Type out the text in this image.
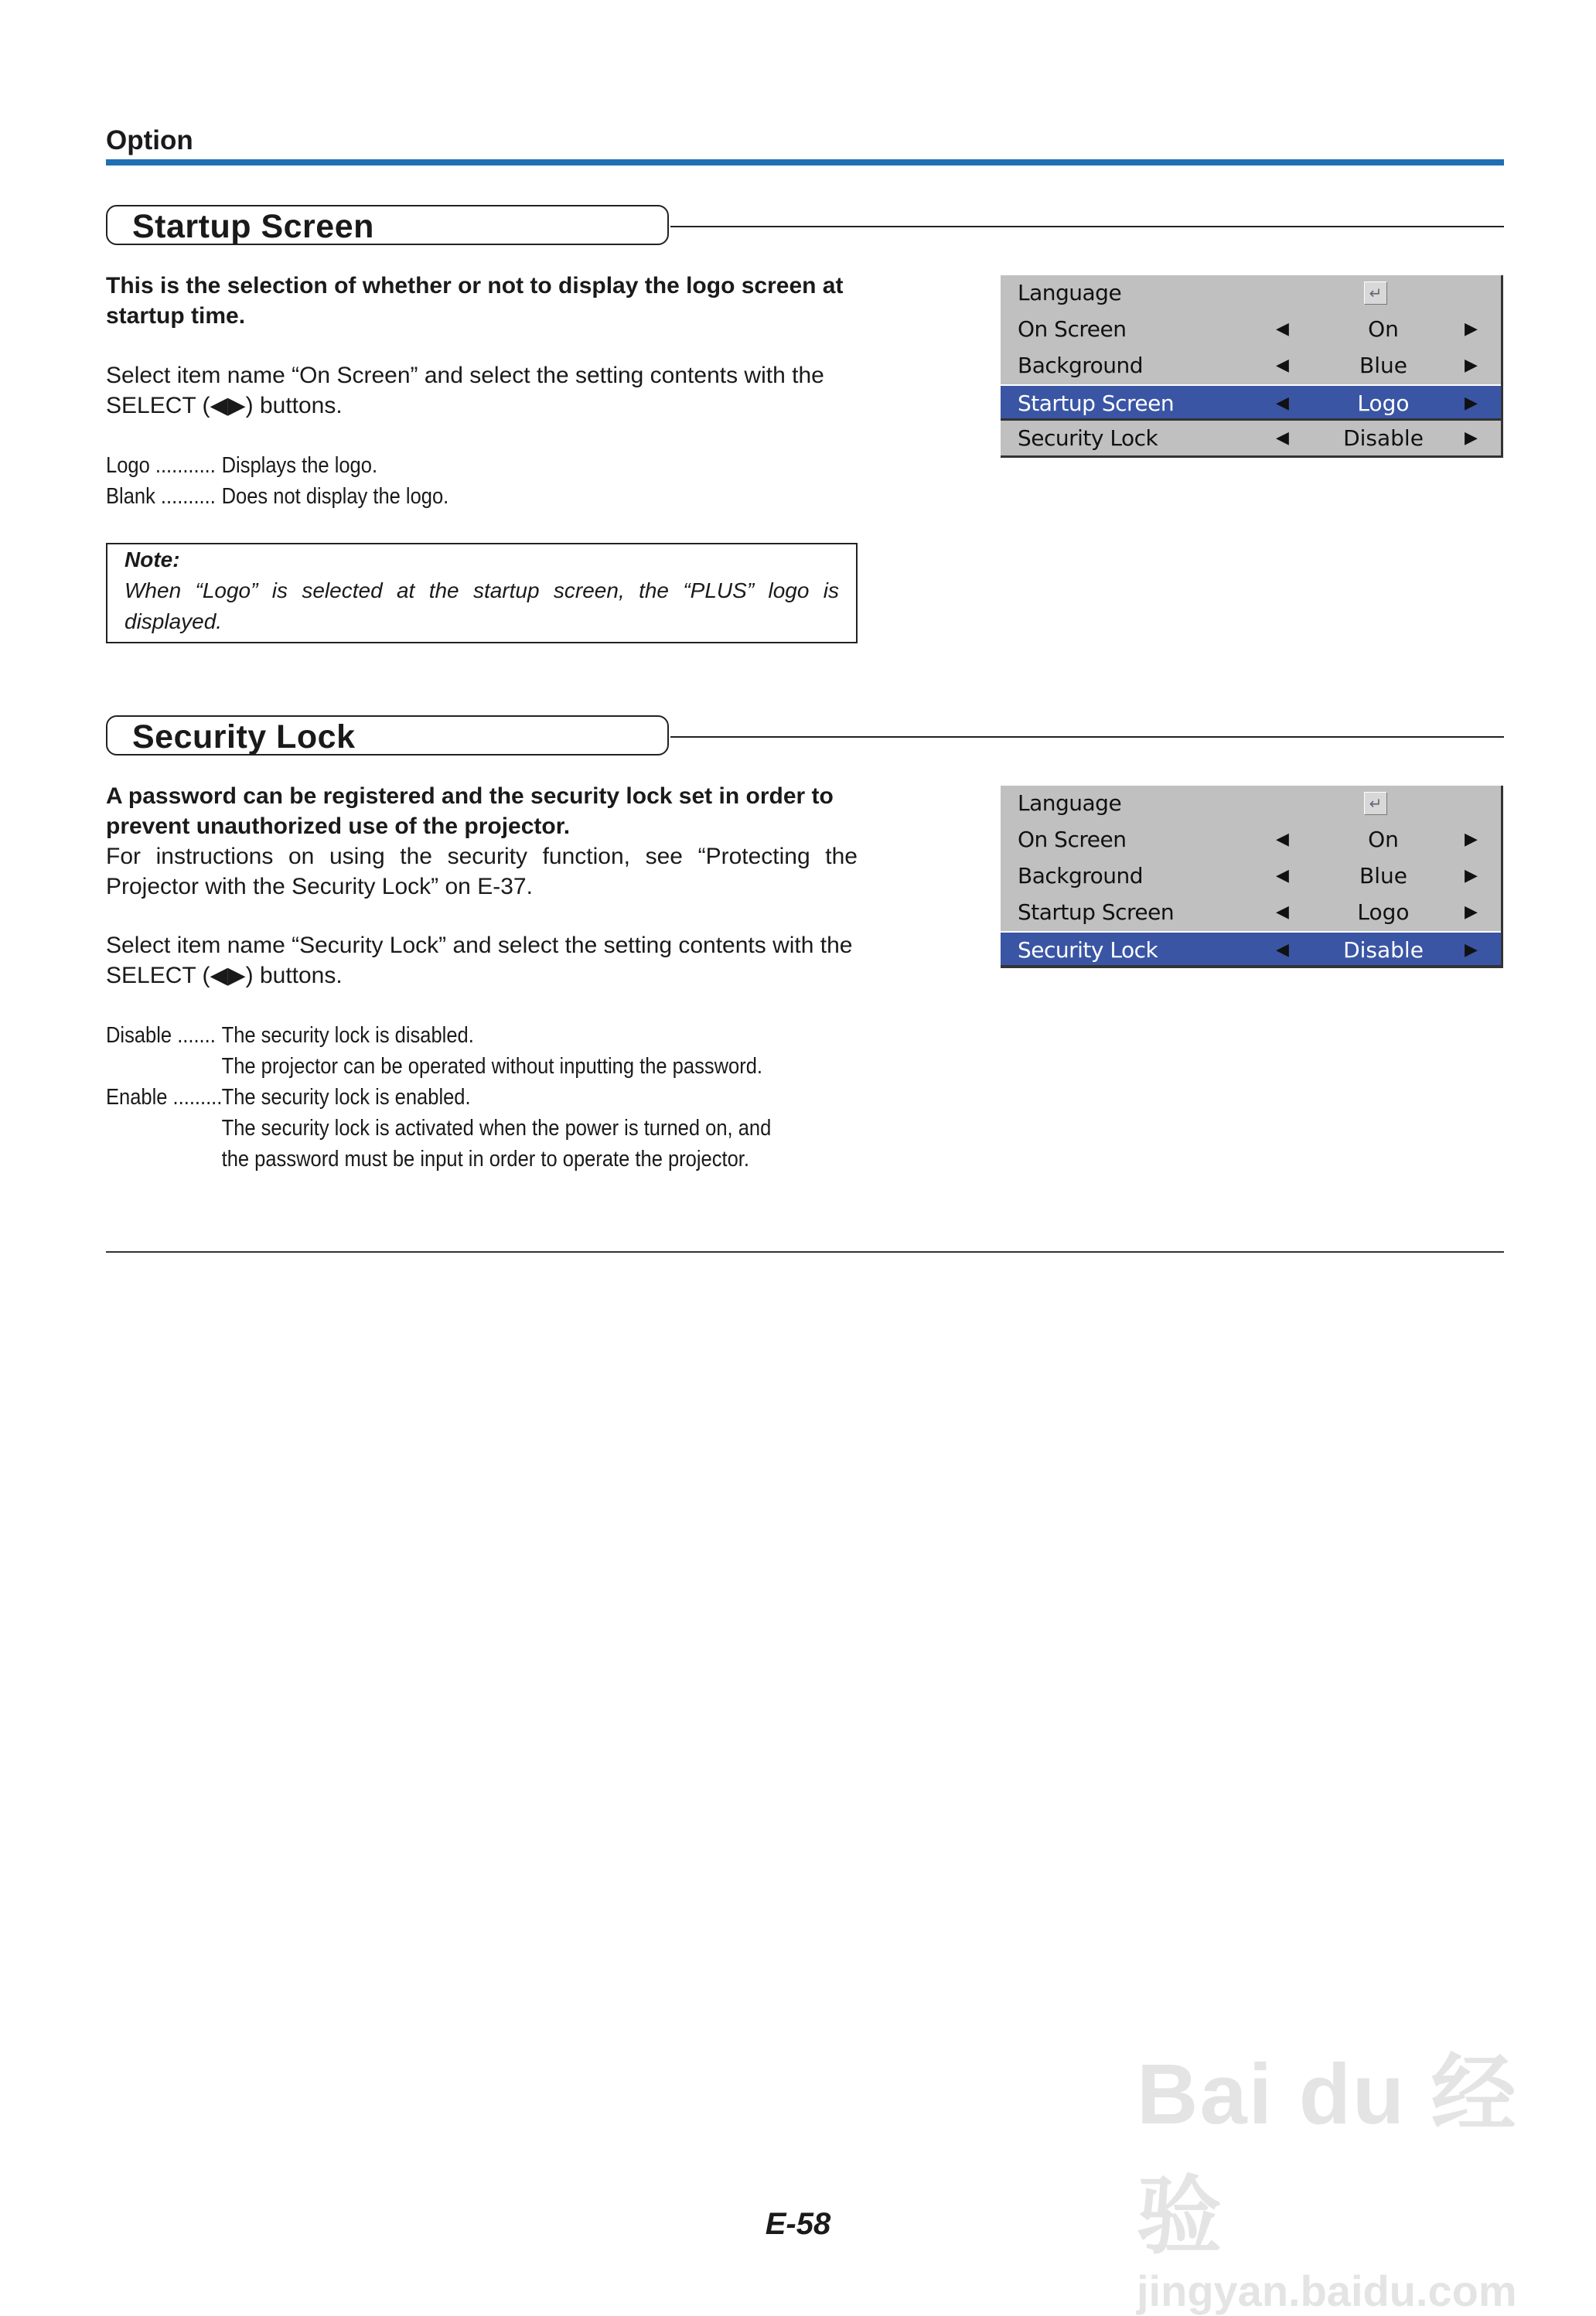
Option
Startup Screen
This is the selection of whether or not to display the logo screen at startup time.
Select item name “On Screen” and select the setting contents with the SELECT (◀▶) buttons.
Logo ........... Displays the logo.
Blank .......... Does not display the logo.
Note:
When “Logo” is selected at the startup screen, the “PLUS” logo is displayed.
Language	↵
On Screen	◀	On	▶
Background	◀	Blue	▶
Startup Screen	◀	Logo	▶
Security Lock	◀	Disable	▶
Security Lock
A password can be registered and the security lock set in order to prevent unauthorized use of the projector.
For instructions on using the security function, see “Protecting the Projector with the Security Lock” on E-37.
Select item name “Security Lock” and select the setting contents with the SELECT (◀▶) buttons.
Disable ....... The security lock is disabled.
The projector can be operated without inputting the password.
Enable ......... The security lock is enabled.
The security lock is activated when the power is turned on, and
the password must be input in order to operate the projector.
Language	↵
On Screen	◀	On	▶
Background	◀	Blue	▶
Startup Screen	◀	Logo	▶
Security Lock	◀	Disable	▶
Bai du 经验
jingyan.baidu.com
E-58
